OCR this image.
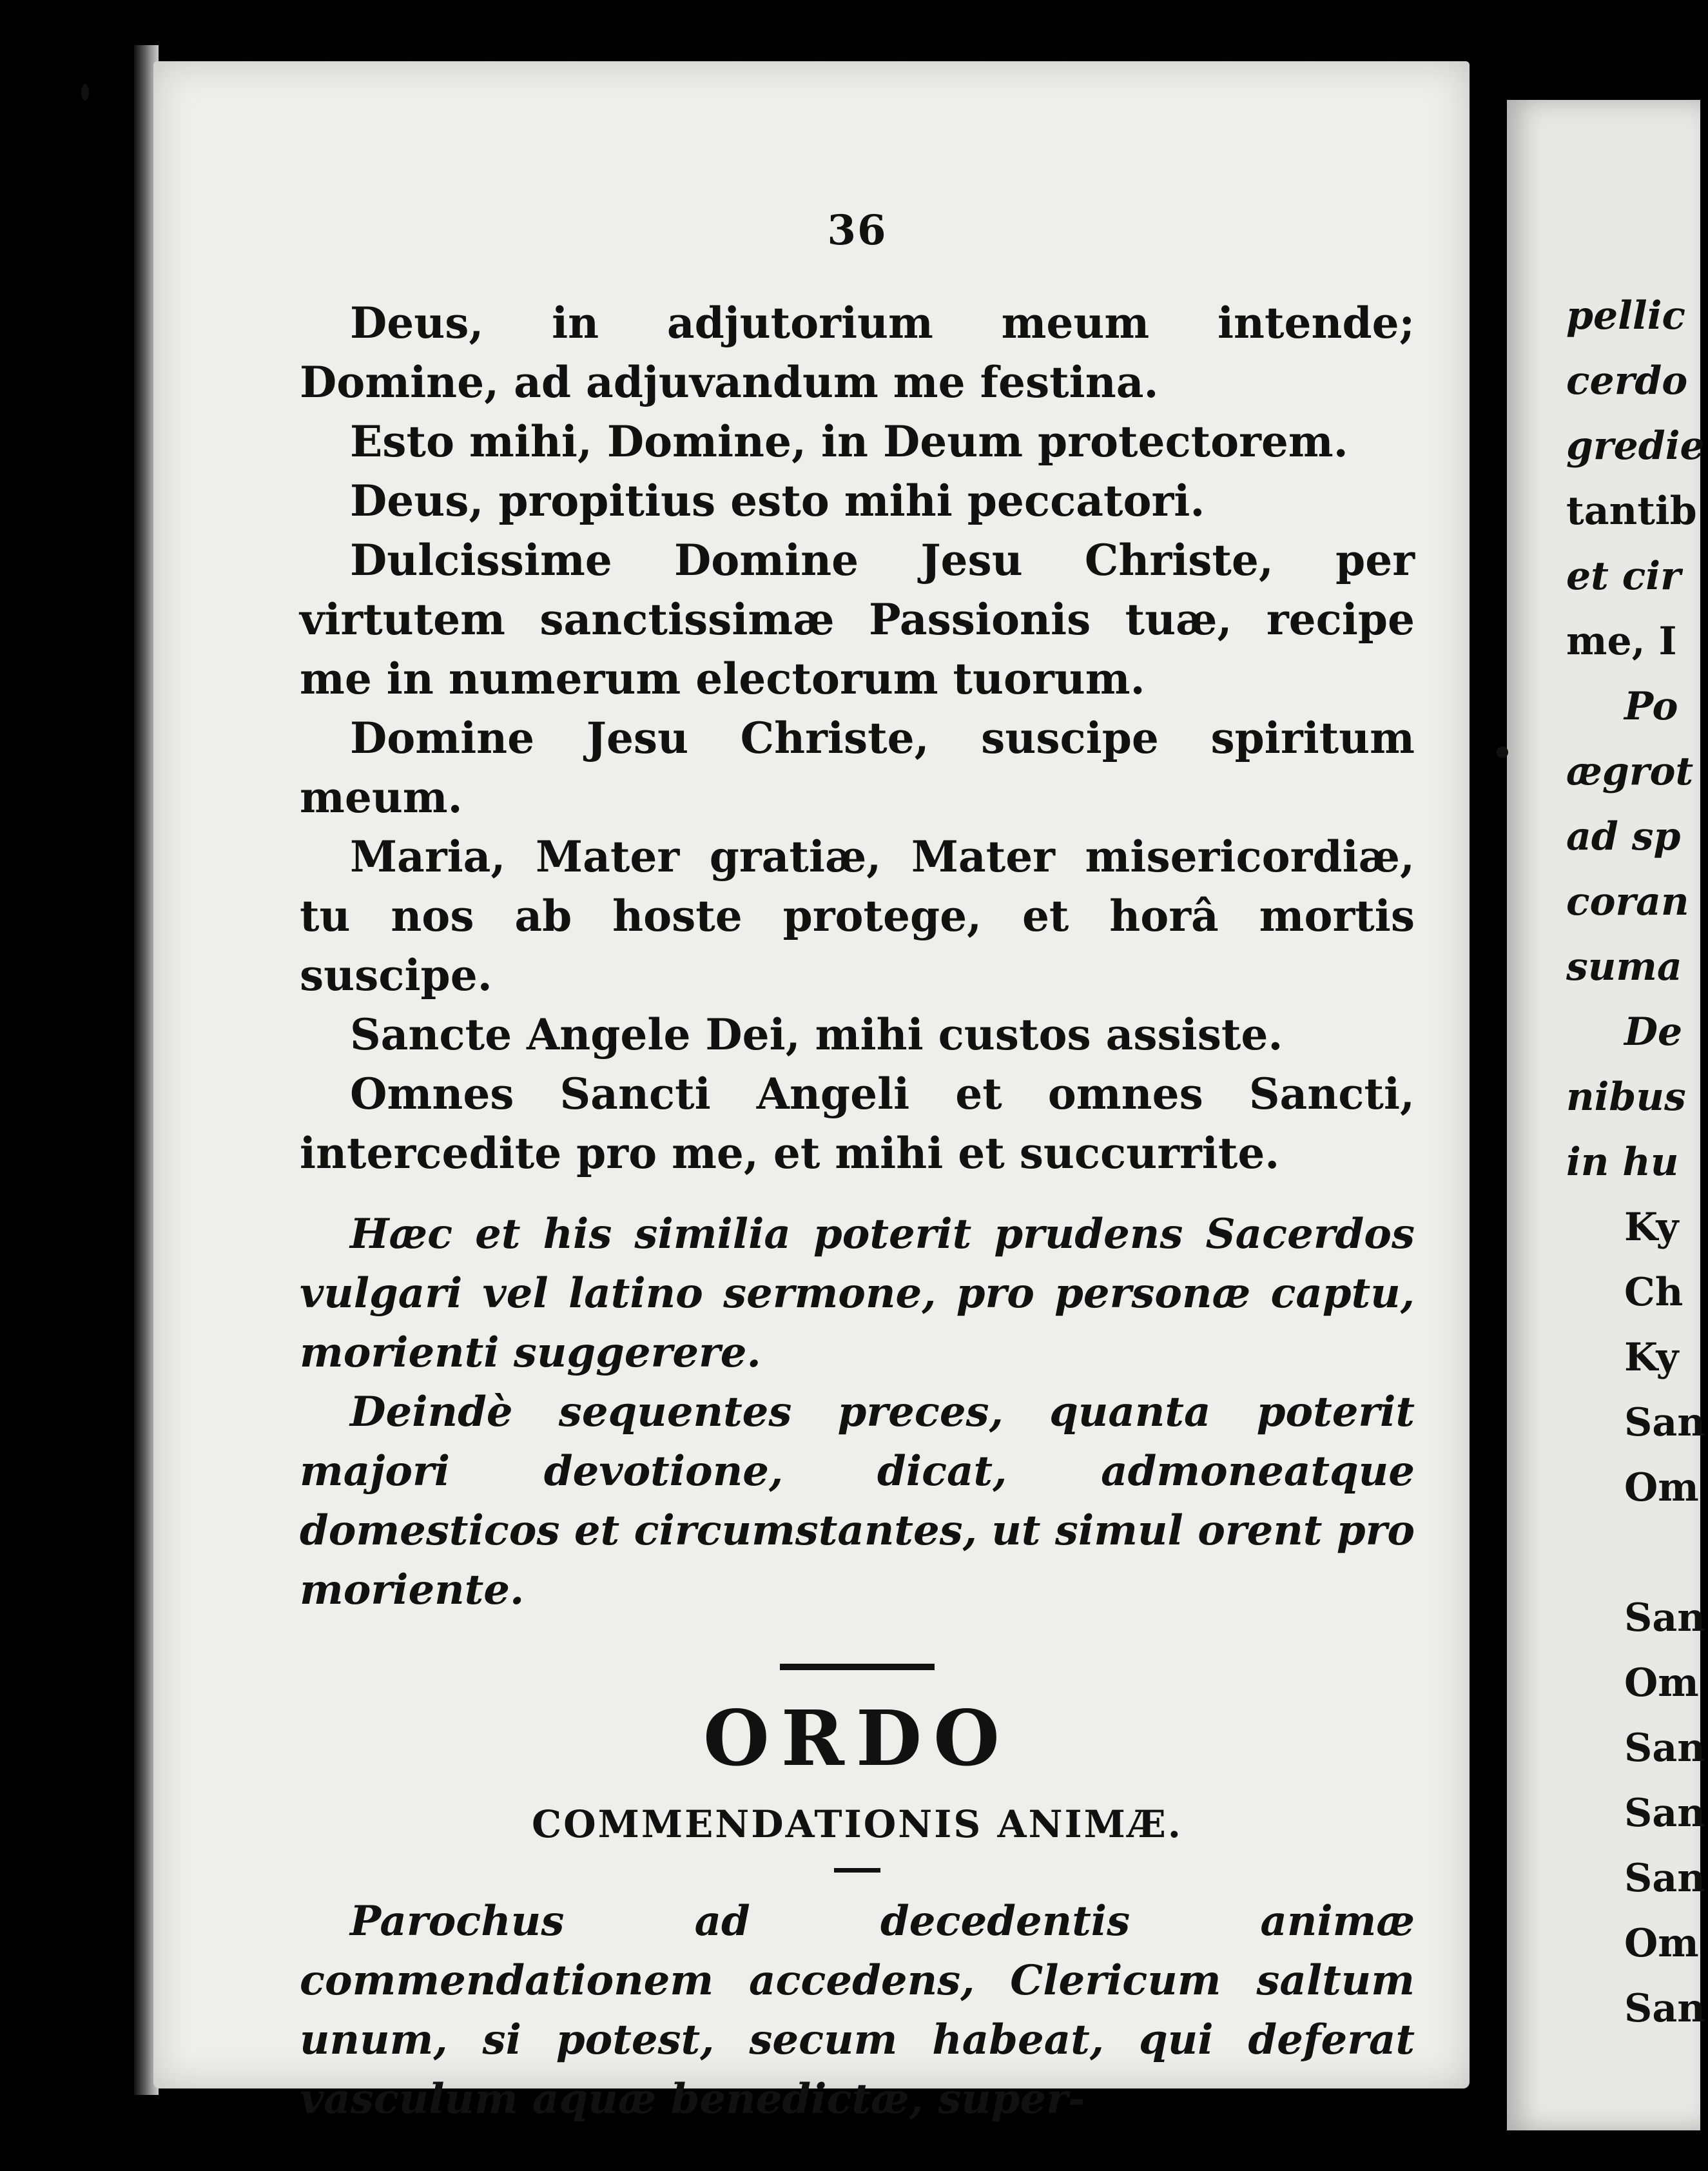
36

Deus, in adjutorium meum intende; Domine, ad adjuvandum me festina.

Esto mihi, Domine, in Deum protectorem.

Deus, propitius esto mihi peccatori.

Dulcissime Domine Jesu Christe, per virtutem sanctissimæ Passionis tuæ, recipe me in numerum electorum tuorum.

Domine Jesu Christe, suscipe spiritum meum.

Maria, Mater gratiæ, Mater misericordiæ, tu nos ab hoste protege, et horâ mortis suscipe.

Sancte Angele Dei, mihi custos assiste.

Omnes Sancti Angeli et omnes Sancti, intercedite pro me, et mihi et succurrite.

Hæc et his similia poterit prudens Sacerdos vulgari vel latino sermone, pro personæ captu, morienti suggerere.

Deindè sequentes preces, quanta poterit majori devotione, dicat, admoneatque domesticos et circumstantes, ut simul orent pro moriente.

ORDO
COMMENDATIONIS ANIMÆ.

Parochus ad decedentis animæ commendationem accedens, Clericum saltum unum, si potest, secum habeat, qui deferat vasculum aquæ benedictæ, super-

pellic
cerdo
gredie
tantib
et cir
me, I
Po
ægrot
ad sp
coran
suma
De
nibus
in hu
Ky
Ch
Ky
San
Om
San
Om
San
San
San
Om
San
